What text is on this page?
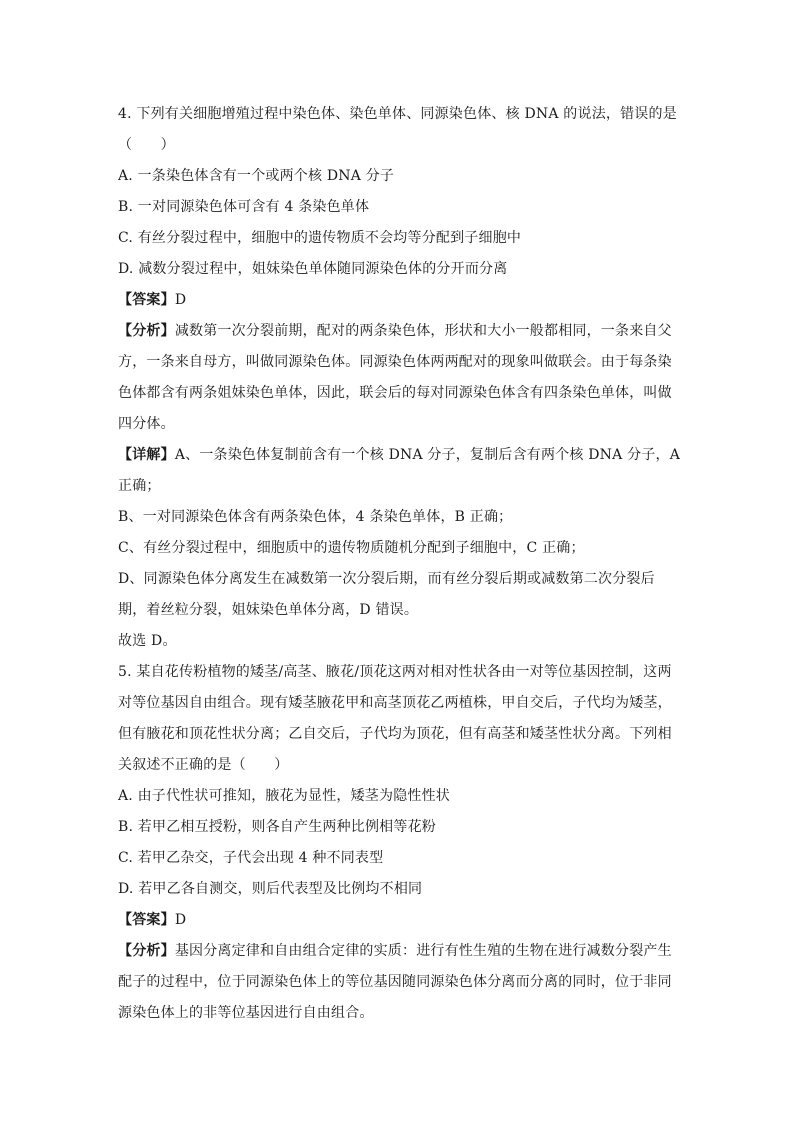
4. 下列有关细胞增殖过程中染色体、染色单体、同源染色体、核 DNA 的说法，错误的是
（　　）
A. 一条染色体含有一个或两个核 DNA 分子
B. 一对同源染色体可含有 4 条染色单体
C. 有丝分裂过程中，细胞中的遗传物质不会均等分配到子细胞中
D. 减数分裂过程中，姐妹染色单体随同源染色体的分开而分离
【答案】D
【分析】减数第一次分裂前期，配对的两条染色体，形状和大小一般都相同，一条来自父
方，一条来自母方，叫做同源染色体。同源染色体两两配对的现象叫做联会。由于每条染
色体都含有两条姐妹染色单体，因此，联会后的每对同源染色体含有四条染色单体，叫做
四分体。
【详解】A、一条染色体复制前含有一个核 DNA 分子，复制后含有两个核 DNA 分子，A
正确；
B、一对同源染色体含有两条染色体，4 条染色单体，B 正确；
C、有丝分裂过程中，细胞质中的遗传物质随机分配到子细胞中，C 正确；
D、同源染色体分离发生在减数第一次分裂后期，而有丝分裂后期或减数第二次分裂后
期，着丝粒分裂，姐妹染色单体分离，D 错误。
故选 D。
5. 某自花传粉植物的矮茎/高茎、腋花/顶花这两对相对性状各由一对等位基因控制，这两
对等位基因自由组合。现有矮茎腋花甲和高茎顶花乙两植株，甲自交后，子代均为矮茎，
但有腋花和顶花性状分离；乙自交后，子代均为顶花，但有高茎和矮茎性状分离。下列相
关叙述不正确的是（　　）
A. 由子代性状可推知，腋花为显性，矮茎为隐性性状
B. 若甲乙相互授粉，则各自产生两种比例相等花粉
C. 若甲乙杂交，子代会出现 4 种不同表型
D. 若甲乙各自测交，则后代表型及比例均不相同
【答案】D
【分析】基因分离定律和自由组合定律的实质：进行有性生殖的生物在进行减数分裂产生
配子的过程中，位于同源染色体上的等位基因随同源染色体分离而分离的同时，位于非同
源染色体上的非等位基因进行自由组合。
